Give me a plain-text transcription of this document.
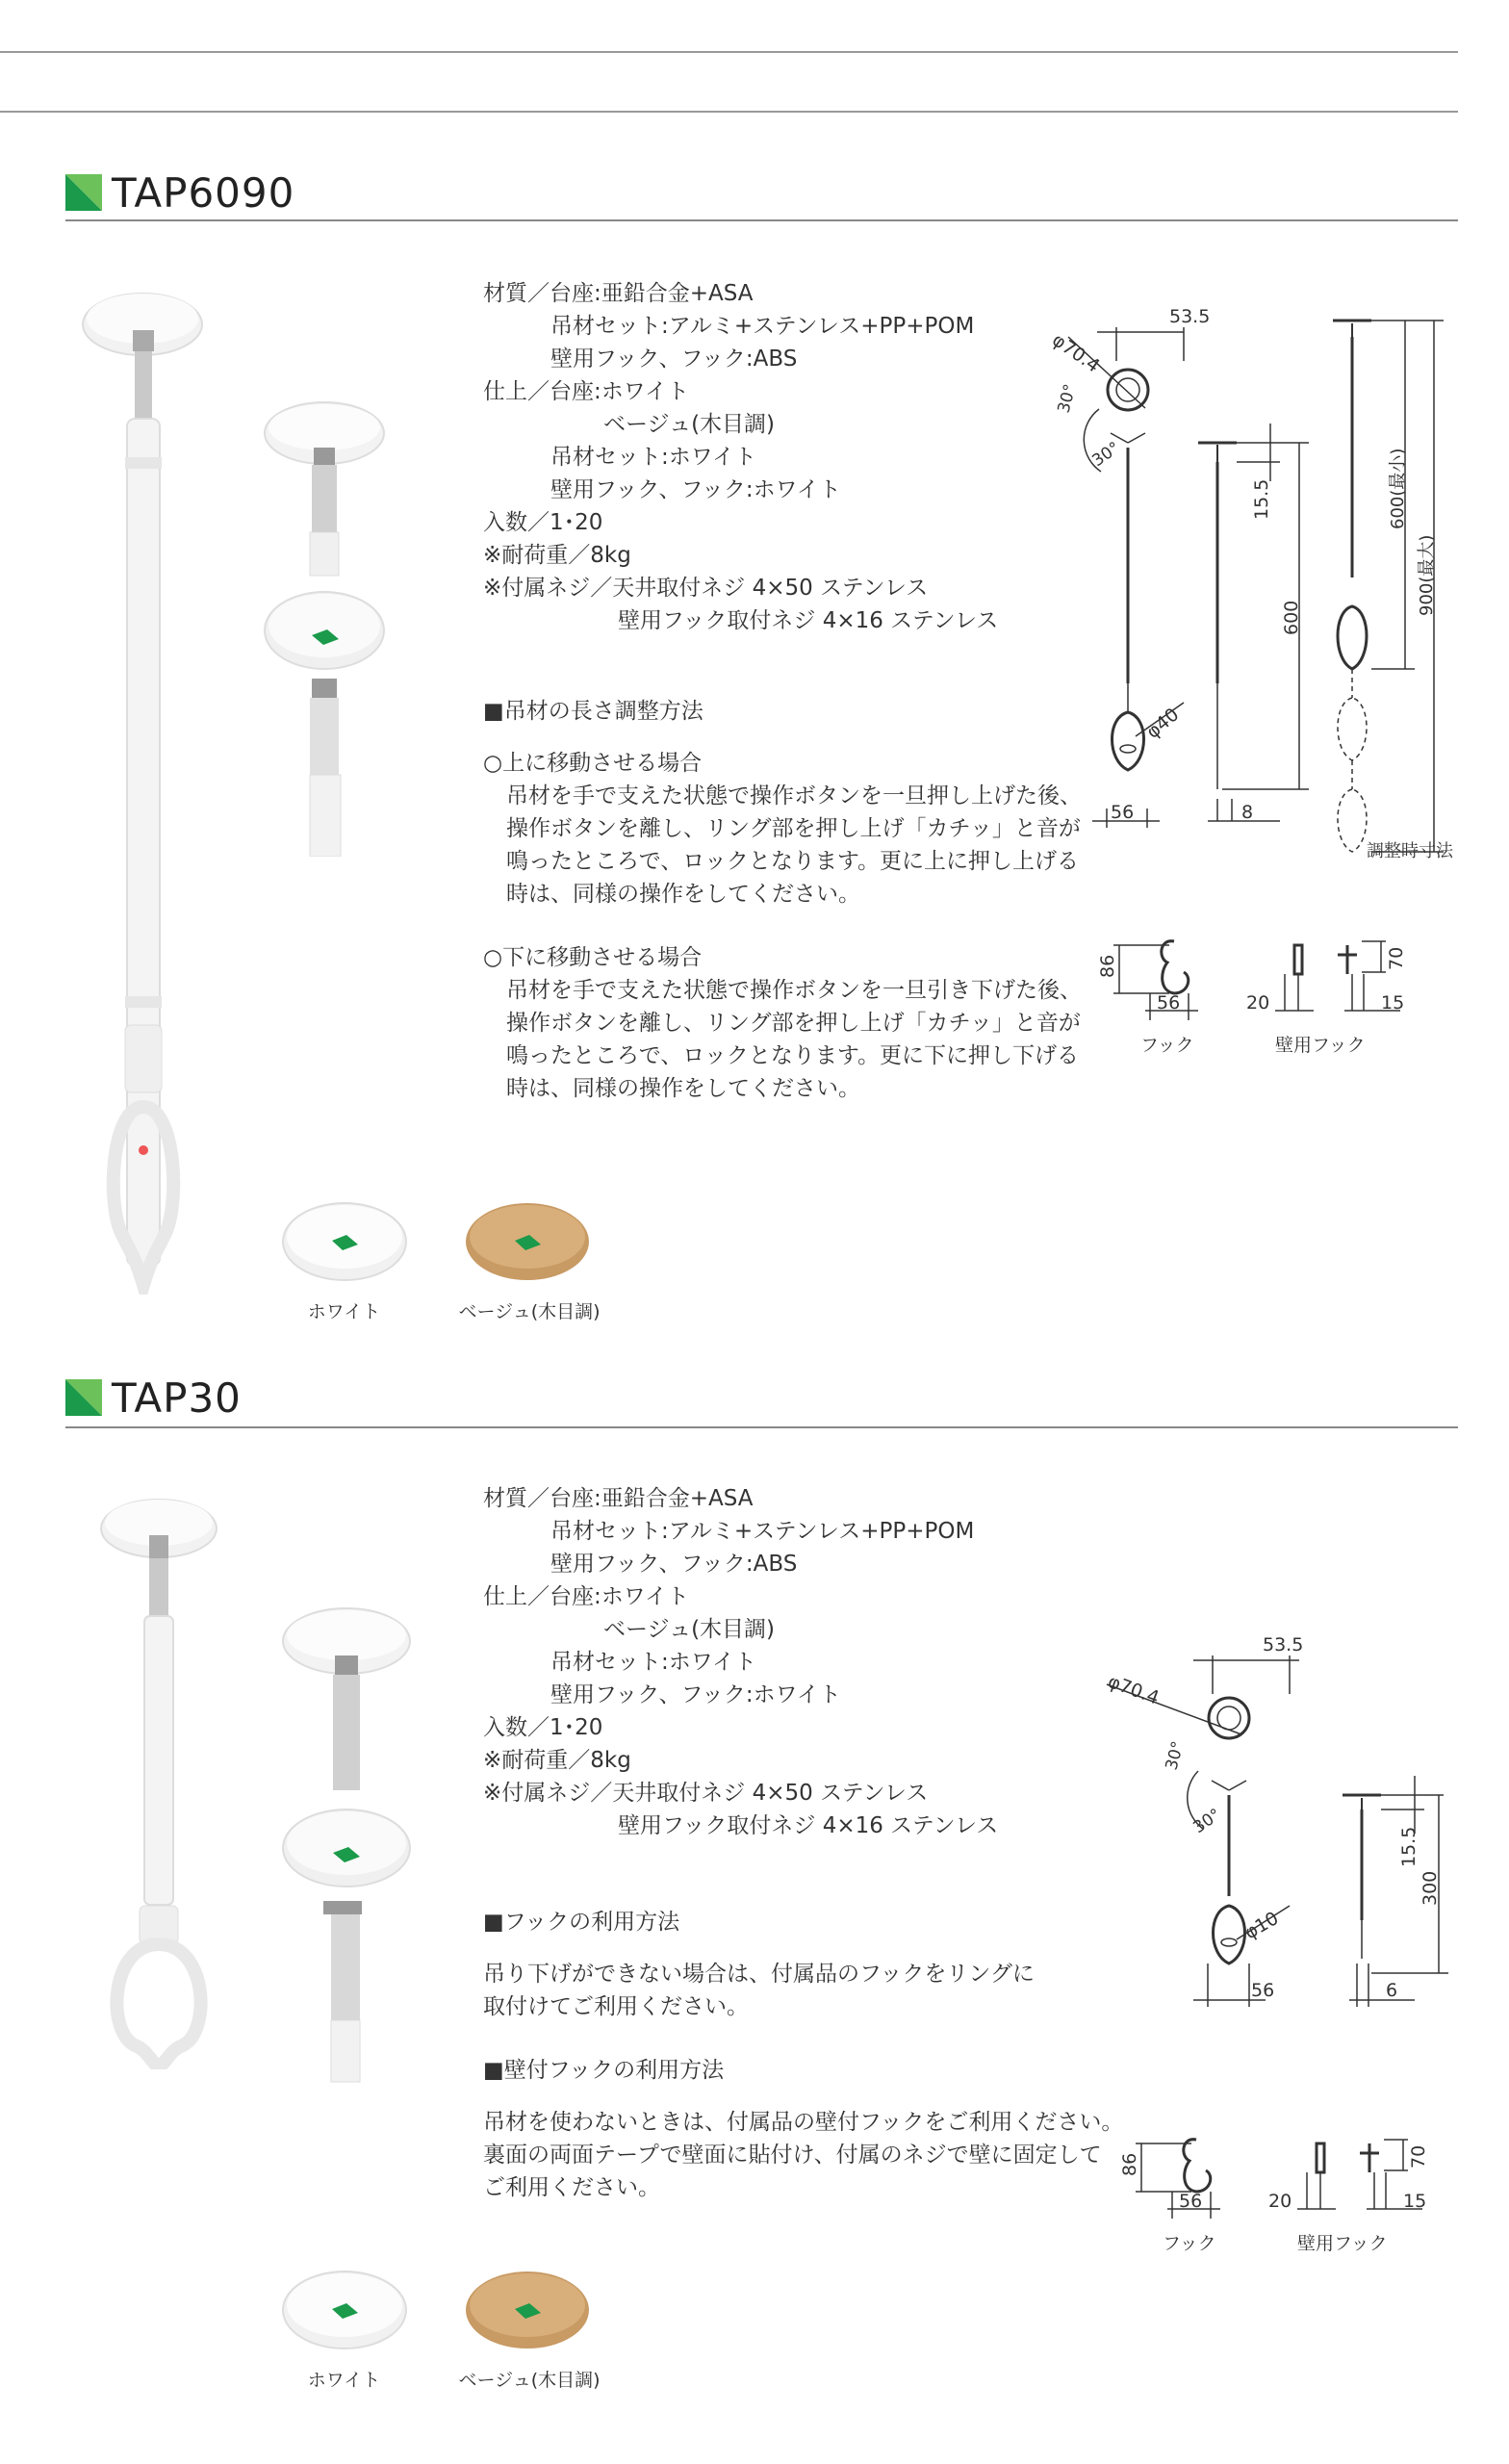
TAP6090
ホワイト	ベージュ(木目調)
材質／台座:亜鉛合金+ASA
吊材セット:アルミ+ステンレス+PP+POM
壁用フック、フック:ABS
仕上／台座:ホワイト
ベージュ(木目調)
吊材セット:ホワイト
壁用フック、フック:ホワイト
入数／1･20
※耐荷重／8kg
※付属ネジ／天井取付ネジ 4×50 ステンレス
壁用フック取付ネジ 4×16 ステンレス
■吊材の長さ調整方法
○上に移動させる場合
吊材を手で支えた状態で操作ボタンを一旦押し上げた後、
操作ボタンを離し、リング部を押し上げ「カチッ」と音が
鳴ったところで、ロックとなります。更に上に押し上げる
時は、同様の操作をしてください。
○下に移動させる場合
吊材を手で支えた状態で操作ボタンを一旦引き下げた後、
操作ボタンを離し、リング部を押し上げ「カチッ」と音が
鳴ったところで、ロックとなります。更に下に押し下げる
時は、同様の操作をしてください。
φ70.4
53.5
30°
30°
15.5
600
φ40
56	8
600(最小)
900(最大)
調整時寸法
86
56
フック
20
70
15
壁用フック
TAP30
ホワイト	ベージュ(木目調)
材質／台座:亜鉛合金+ASA
吊材セット:アルミ+ステンレス+PP+POM
壁用フック、フック:ABS
仕上／台座:ホワイト
ベージュ(木目調)
吊材セット:ホワイト
壁用フック、フック:ホワイト
入数／1･20
※耐荷重／8kg
※付属ネジ／天井取付ネジ 4×50 ステンレス
壁用フック取付ネジ 4×16 ステンレス
■フックの利用方法
吊り下げができない場合は、付属品のフックをリングに
取付けてご利用ください。
■壁付フックの利用方法
吊材を使わないときは、付属品の壁付フックをご利用ください。
裏面の両面テープで壁面に貼付け、付属のネジで壁に固定して
ご利用ください。
φ70.4
53.5
30°
30°
15.5
300
φ10
56	6
86
56
フック
20
70
15
壁用フック
